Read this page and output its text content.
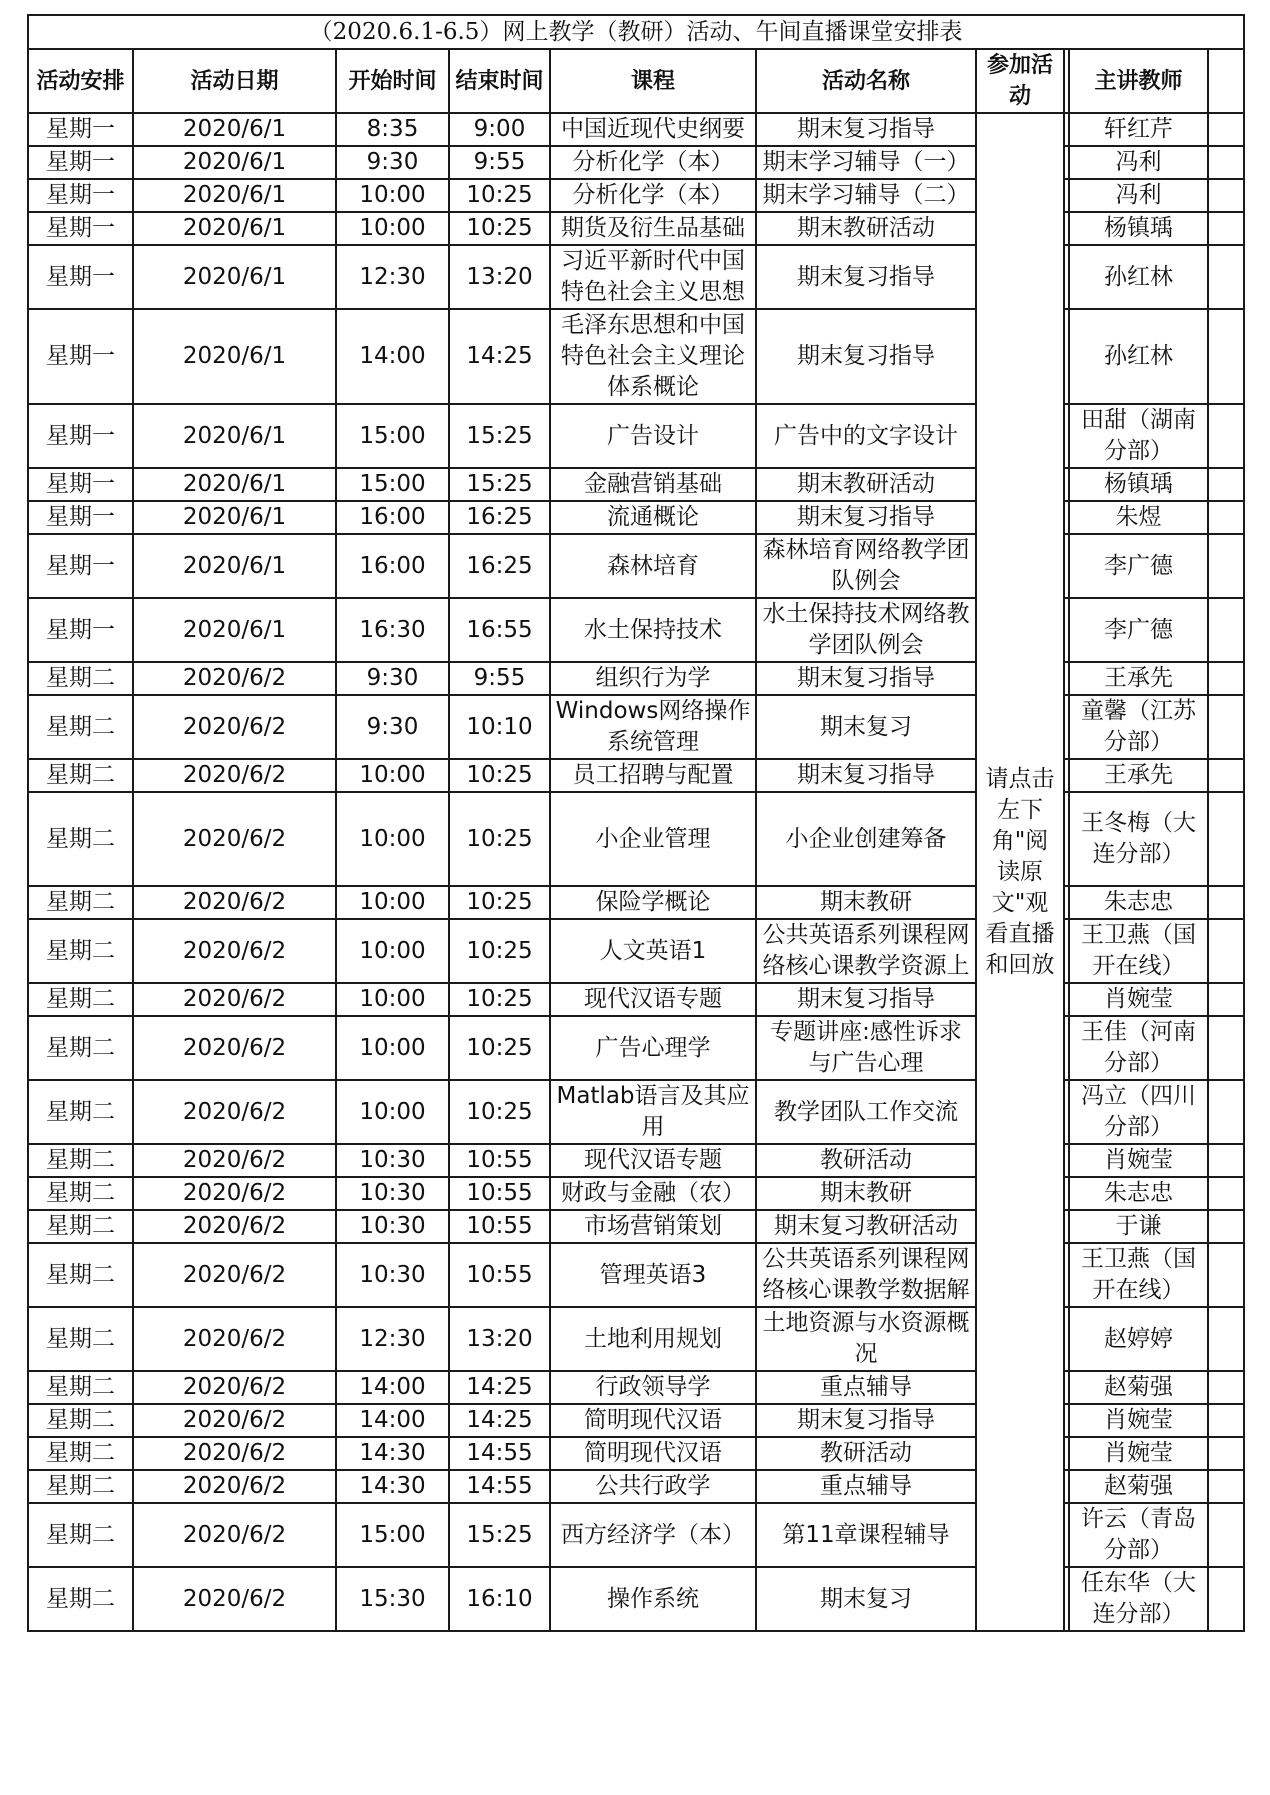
（2020.6.1-6.5）网上教学（教研）活动、午间直播课堂安排表									
活动安排	活动日期	开始时间	结束时间	课程	活动名称	参加活动		主讲教师	
星期一	2020/6/1	8:35	9:00	中国近现代史纲要	期末复习指导	请点击左下角"阅读原文"观看直播和回放		轩红芹	
星期一	2020/6/1	9:30	9:55	分析化学（本）	期末学习辅导（一）			冯利	
星期一	2020/6/1	10:00	10:25	分析化学（本）	期末学习辅导（二）			冯利	
星期一	2020/6/1	10:00	10:25	期货及衍生品基础	期末教研活动			杨镇瑀	
星期一	2020/6/1	12:30	13:20	习近平新时代中国特色社会主义思想	期末复习指导			孙红林	
星期一	2020/6/1	14:00	14:25	毛泽东思想和中国特色社会主义理论体系概论	期末复习指导			孙红林	
星期一	2020/6/1	15:00	15:25	广告设计	广告中的文字设计			田甜（湖南分部）	
星期一	2020/6/1	15:00	15:25	金融营销基础	期末教研活动			杨镇瑀	
星期一	2020/6/1	16:00	16:25	流通概论	期末复习指导			朱煜	
星期一	2020/6/1	16:00	16:25	森林培育	森林培育网络教学团队例会			李广德	
星期一	2020/6/1	16:30	16:55	水土保持技术	水土保持技术网络教学团队例会			李广德	
星期二	2020/6/2	9:30	9:55	组织行为学	期末复习指导			王承先	
星期二	2020/6/2	9:30	10:10	Windows网络操作系统管理	期末复习			童馨（江苏分部）	
星期二	2020/6/2	10:00	10:25	员工招聘与配置	期末复习指导			王承先	
星期二	2020/6/2	10:00	10:25	小企业管理	小企业创建筹备			王冬梅（大连分部）	
星期二	2020/6/2	10:00	10:25	保险学概论	期末教研			朱志忠	
星期二	2020/6/2	10:00	10:25	人文英语1	公共英语系列课程网络核心课教学资源上			王卫燕（国开在线）	
星期二	2020/6/2	10:00	10:25	现代汉语专题	期末复习指导			肖婉莹	
星期二	2020/6/2	10:00	10:25	广告心理学	专题讲座:感性诉求与广告心理			王佳（河南分部）	
星期二	2020/6/2	10:00	10:25	Matlab语言及其应用	教学团队工作交流			冯立（四川分部）	
星期二	2020/6/2	10:30	10:55	现代汉语专题	教研活动			肖婉莹	
星期二	2020/6/2	10:30	10:55	财政与金融（农）	期末教研			朱志忠	
星期二	2020/6/2	10:30	10:55	市场营销策划	期末复习教研活动			于谦	
星期二	2020/6/2	10:30	10:55	管理英语3	公共英语系列课程网络核心课教学数据解			王卫燕（国开在线）	
星期二	2020/6/2	12:30	13:20	土地利用规划	土地资源与水资源概况			赵婷婷	
星期二	2020/6/2	14:00	14:25	行政领导学	重点辅导			赵菊强	
星期二	2020/6/2	14:00	14:25	简明现代汉语	期末复习指导			肖婉莹	
星期二	2020/6/2	14:30	14:55	简明现代汉语	教研活动			肖婉莹	
星期二	2020/6/2	14:30	14:55	公共行政学	重点辅导			赵菊强	
星期二	2020/6/2	15:00	15:25	西方经济学（本）	第11章课程辅导			许云（青岛分部）	
星期二	2020/6/2	15:30	16:10	操作系统	期末复习			任东华（大连分部）	
